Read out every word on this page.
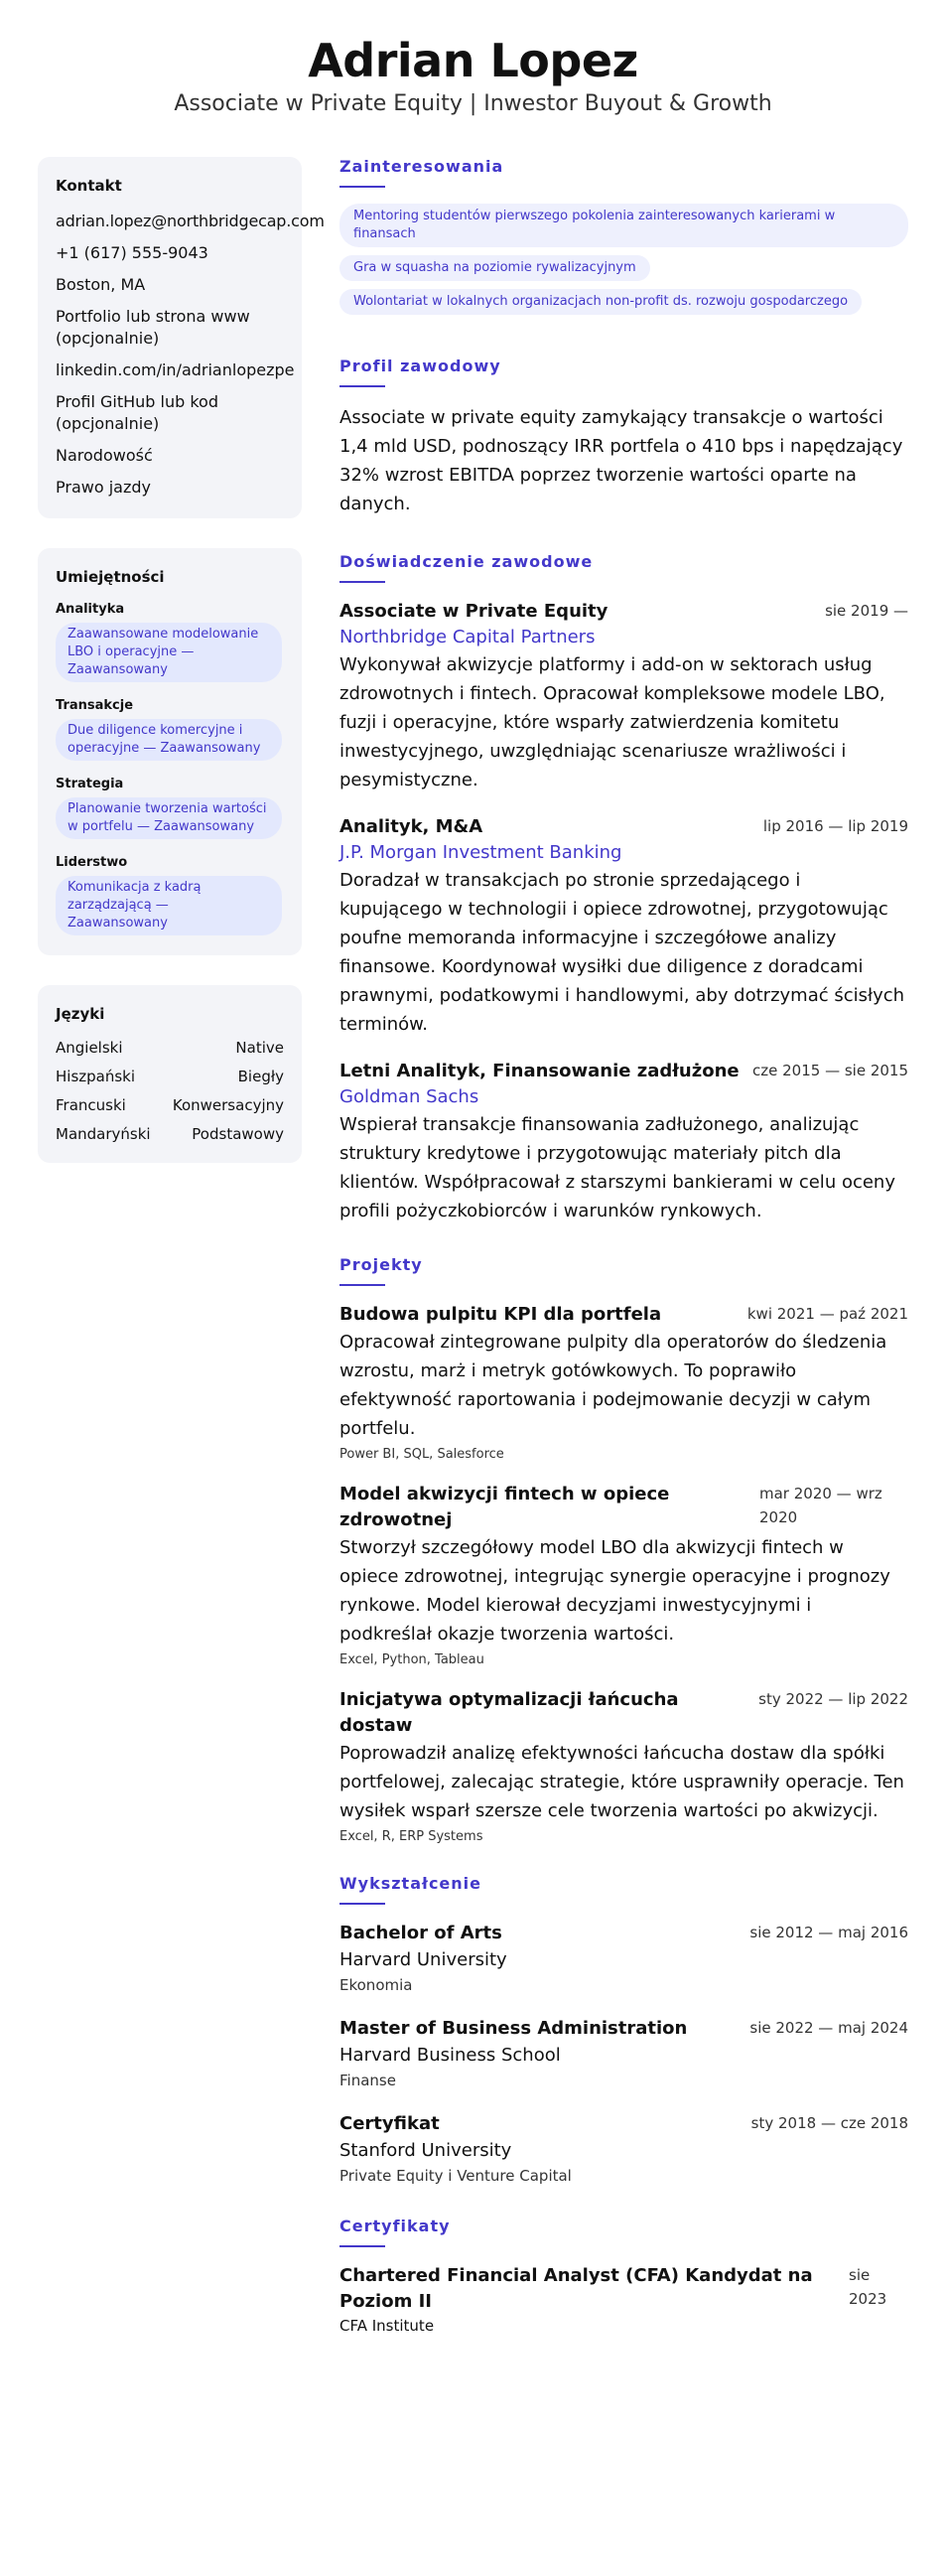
Adrian Lopez
Associate w Private Equity | Inwestor Buyout & Growth
Kontakt
adrian.lopez@northbridgecap.com
+1 (617) 555-9043
Boston, MA
Portfolio lub strona www (opcjonalnie)
linkedin.com/in/adrianlopezpe
Profil GitHub lub kod (opcjonalnie)
Narodowość
Prawo jazdy
Umiejętności
Analityka
Zaawansowane modelowanie LBO i operacyjne — Zaawansowany
Transakcje
Due diligence komercyjne i operacyjne — Zaawansowany
Strategia
Planowanie tworzenia wartości w portfelu — Zaawansowany
Liderstwo
Komunikacja z kadrą zarządzającą — Zaawansowany
Języki
Angielski	Native
Hiszpański	Biegły
Francuski	Konwersacyjny
Mandaryński	Podstawowy
Zainteresowania
Mentoring studentów pierwszego pokolenia zainteresowanych karierami w finansach Gra w squasha na poziomie rywalizacyjnym Wolontariat w lokalnych organizacjach non-profit ds. rozwoju gospodarczego
Profil zawodowy
Associate w private equity zamykający transakcje o wartości 1,4 mld USD, podnoszący IRR portfela o 410 bps i napędzający 32% wzrost EBITDA poprzez tworzenie wartości oparte na danych.
Doświadczenie zawodowe
Associate w Private Equity	sie 2019 —
Northbridge Capital Partners
Wykonywał akwizycje platformy i add-on w sektorach usług zdrowotnych i fintech. Opracował kompleksowe modele LBO, fuzji i operacyjne, które wsparły zatwierdzenia komitetu inwestycyjnego, uwzględniając scenariusze wrażliwości i pesymistyczne.
Analityk, M&A	lip 2016 — lip 2019
J.P. Morgan Investment Banking
Doradzał w transakcjach po stronie sprzedającego i kupującego w technologii i opiece zdrowotnej, przygotowując poufne memoranda informacyjne i szczegółowe analizy finansowe. Koordynował wysiłki due diligence z doradcami prawnymi, podatkowymi i handlowymi, aby dotrzymać ścisłych terminów.
Letni Analityk, Finansowanie zadłużone cze 2015 — sie 2015
Goldman Sachs
Wspierał transakcje finansowania zadłużonego, analizując struktury kredytowe i przygotowując materiały pitch dla klientów. Współpracował z starszymi bankierami w celu oceny profili pożyczkobiorców i warunków rynkowych.
Projekty
Budowa pulpitu KPI dla portfela	kwi 2021 — paź 2021
Opracował zintegrowane pulpity dla operatorów do śledzenia wzrostu, marż i metryk gotówkowych. To poprawiło efektywność raportowania i podejmowanie decyzji w całym portfelu.
Power BI, SQL, Salesforce
Model akwizycji fintech w opiece zdrowotnej
mar 2020 — wrz 2020
Stworzył szczegółowy model LBO dla akwizycji fintech w opiece zdrowotnej, integrując synergie operacyjne i prognozy rynkowe. Model kierował decyzjami inwestycyjnymi i podkreślał okazje tworzenia wartości.
Excel, Python, Tableau
Inicjatywa optymalizacji łańcucha dostaw
sty 2022 — lip 2022
Poprowadził analizę efektywności łańcucha dostaw dla spółki portfelowej, zalecając strategie, które usprawniły operacje. Ten wysiłek wsparł szersze cele tworzenia wartości po akwizycji.
Excel, R, ERP Systems
Wykształcenie
Bachelor of Arts	sie 2012 — maj 2016
Harvard University
Ekonomia
Master of Business Administration	sie 2022 — maj 2024
Harvard Business School
Finanse
Certyfikat	sty 2018 — cze 2018
Stanford University
Private Equity i Venture Capital
Certyfikaty
Chartered Financial Analyst (CFA) Kandydat na Poziom II
sie 2023
CFA Institute
